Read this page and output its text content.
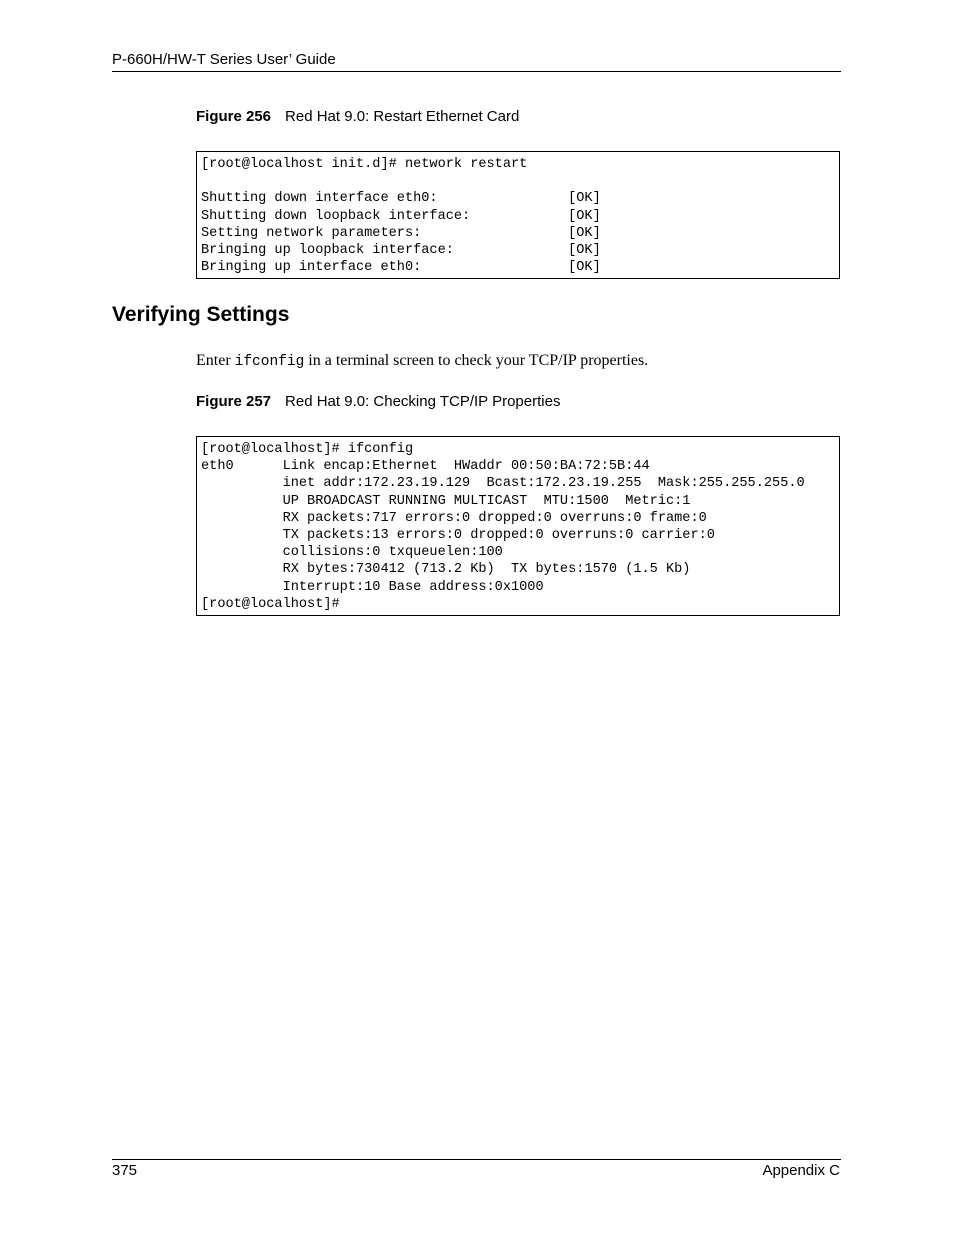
P-660H/HW-T Series User’ Guide
Figure 256 Red Hat 9.0: Restart Ethernet Card
[root@localhost init.d]# network restart
Shutting down interface eth0:                [OK]
Shutting down loopback interface:            [OK]
Setting network parameters:                  [OK]
Bringing up loopback interface:              [OK]
Bringing up interface eth0:                  [OK]
Verifying Settings
Enter ifconfig in a terminal screen to check your TCP/IP properties.
Figure 257 Red Hat 9.0: Checking TCP/IP Properties
[root@localhost]# ifconfig
eth0      Link encap:Ethernet  HWaddr 00:50:BA:72:5B:44
inet addr:172.23.19.129  Bcast:172.23.19.255  Mask:255.255.255.0
UP BROADCAST RUNNING MULTICAST  MTU:1500  Metric:1
RX packets:717 errors:0 dropped:0 overruns:0 frame:0
TX packets:13 errors:0 dropped:0 overruns:0 carrier:0
collisions:0 txqueuelen:100
RX bytes:730412 (713.2 Kb)  TX bytes:1570 (1.5 Kb)
Interrupt:10 Base address:0x1000
[root@localhost]#
375	Appendix C
